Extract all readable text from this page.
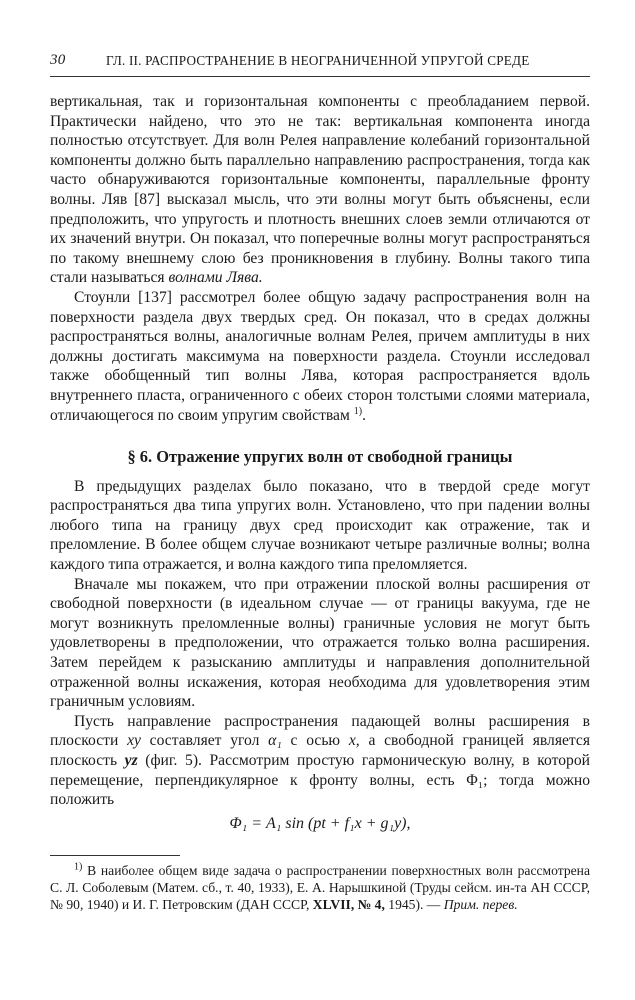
30	ГЛ. II. РАСПРОСТРАНЕНИЕ В НЕОГРАНИЧЕННОЙ УПРУГОЙ СРЕДЕ

вертикальная, так и горизонтальная компоненты с преобладанием первой. Практически найдено, что это не так: вертикальная компонента иногда полностью отсутствует. Для волн Релея направление колебаний горизонтальной компоненты должно быть параллельно направлению распространения, тогда как часто обнаруживаются горизонтальные компоненты, параллельные фронту волны. Ляв [87] высказал мысль, что эти волны могут быть объяснены, если предположить, что упругость и плотность внешних слоев земли отличаются от их значений внутри. Он показал, что поперечные волны могут распространяться по такому внешнему слою без проникновения в глубину. Волны такого типа стали называться волнами Лява.

Стоунли [137] рассмотрел более общую задачу распространения волн на поверхности раздела двух твердых сред. Он показал, что в средах должны распространяться волны, аналогичные волнам Релея, причем амплитуды в них должны достигать максимума на поверхности раздела. Стоунли исследовал также обобщенный тип волны Лява, которая распространяется вдоль внутреннего пласта, ограниченного с обеих сторон толстыми слоями материала, отличающегося по своим упругим свойствам $^{1)}$.

§ 6. Отражение упругих волн от свободной границы

В предыдущих разделах было показано, что в твердой среде могут распространяться два типа упругих волн. Установлено, что при падении волны любого типа на границу двух сред происходит как отражение, так и преломление. В более общем случае возникают четыре различные волны; волна каждого типа отражается, и волна каждого типа преломляется.

Вначале мы покажем, что при отражении плоской волны расширения от свободной поверхности (в идеальном случае — от границы вакуума, где не могут возникнуть преломленные волны) граничные условия не могут быть удовлетворены в предположении, что отражается только волна расширения. Затем перейдем к разысканию амплитуды и направления дополнительной отраженной волны искажения, которая необходима для удовлетворения этим граничным условиям.

Пусть направление распространения падающей волны расширения в плоскости xy составляет угол α₁ с осью x, а свободной границей является плоскость yz (фиг. 5). Рассмотрим простую гармоническую волну, в которой перемещение, перпендикулярное к фронту волны, есть Φ₁; тогда можно положить

Φ₁ = A₁ sin (pt + f₁x + g₁y),

$^{1)}$ В наиболее общем виде задача о распространении поверхностных волн рассмотрена С. Л. Соболевым (Матем. сб., т. 40, 1933), Е. А. Нарышкиной (Труды сейсм. ин-та АН СССР, № 90, 1940) и И. Г. Петровским (ДАН СССР, XLVII, № 4, 1945). — Прим. перев.
